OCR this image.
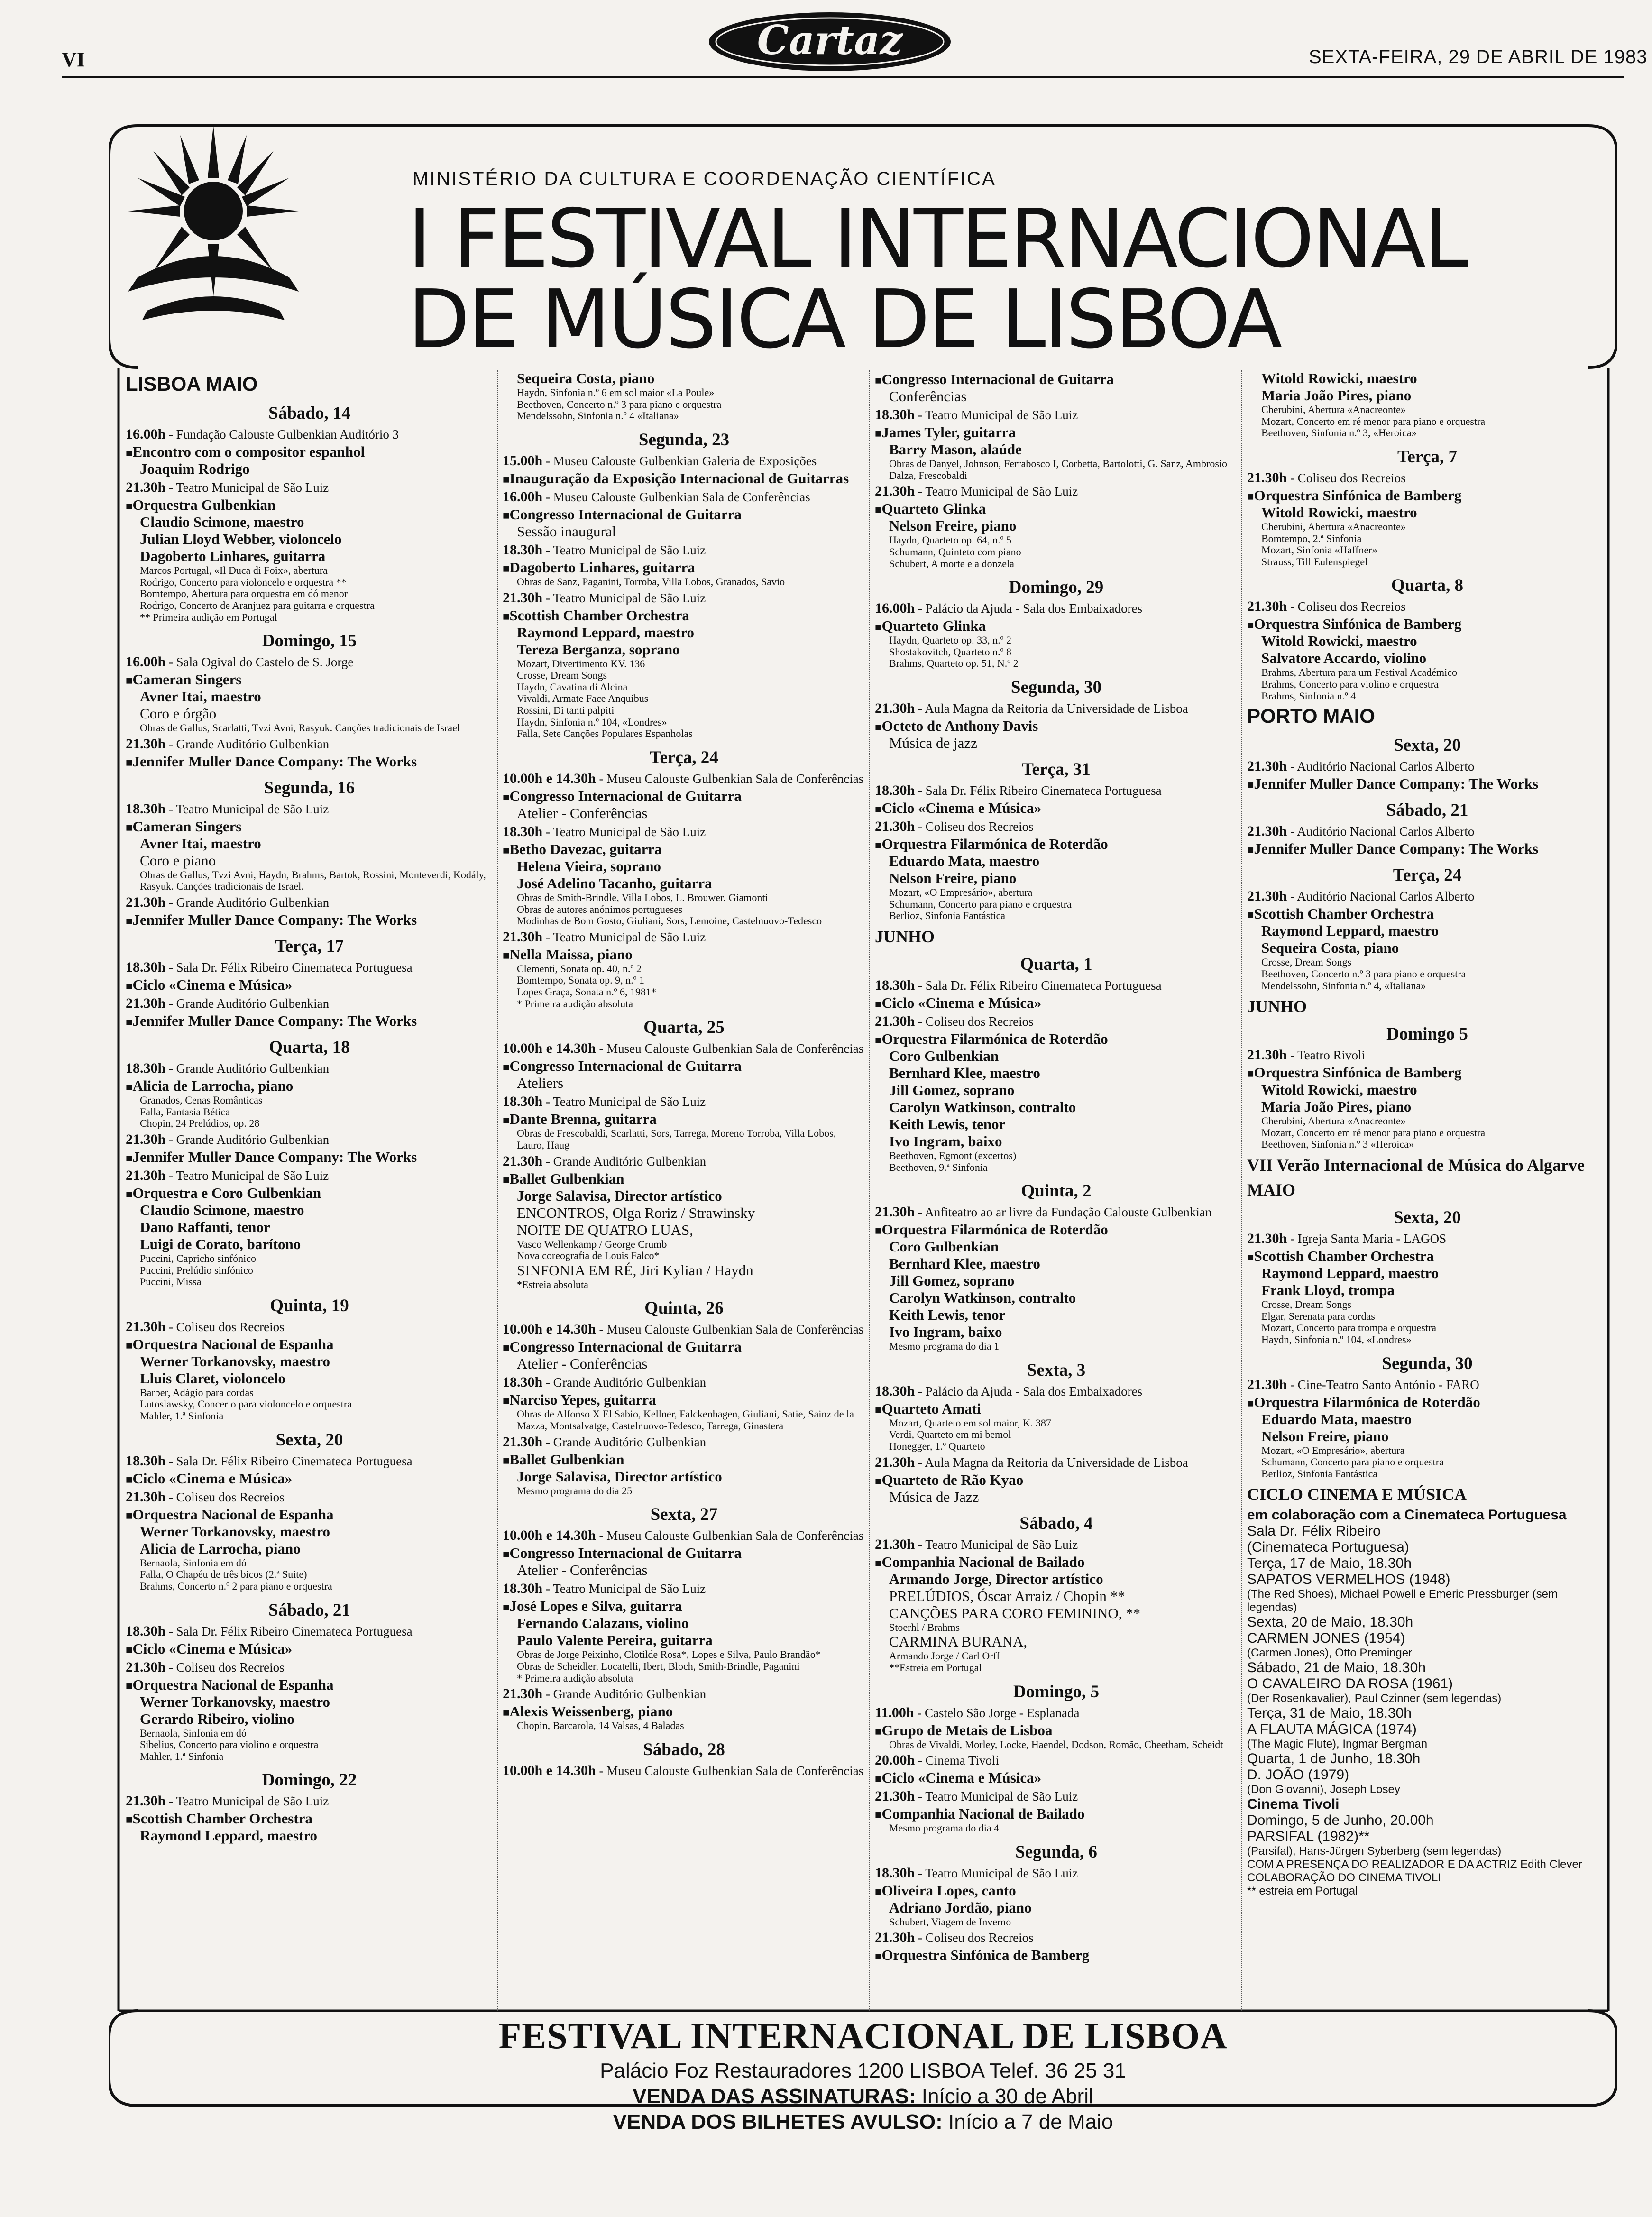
VI	Cartaz	SEXTA-FEIRA, 29 DE ABRIL DE 1983
MINISTÉRIO DA CULTURA E COORDENAÇÃO CIENTÍFICA
I FESTIVAL INTERNACIONAL
DE MÚSICA DE LISBOA

LISBOA MAIO

Sábado, 14

16.00h - Fundação Calouste Gulbenkian Auditório 3

■ Encontro com o compositor espanhol

Joaquim Rodrigo

21.30h - Teatro Municipal de São Luiz

■ Orquestra Gulbenkian

Claudio Scimone, maestro

Julian Lloyd Webber, violoncelo

Dagoberto Linhares, guitarra

Marcos Portugal, «Il Duca di Foix», abertura

Rodrigo, Concerto para violoncelo e orquestra **

Bomtempo, Abertura para orquestra em dó menor

Rodrigo, Concerto de Aranjuez para guitarra e orquestra

** Primeira audição em Portugal

Domingo, 15

16.00h - Sala Ogival do Castelo de S. Jorge

■ Cameran Singers

Avner Itai, maestro

Coro e órgão

Obras de Gallus, Scarlatti, Tvzi Avni, Rasyuk. Canções tradicionais de Israel

21.30h - Grande Auditório Gulbenkian

■ Jennifer Muller Dance Company: The Works

Segunda, 16

18.30h - Teatro Municipal de São Luiz

■ Cameran Singers

Avner Itai, maestro

Coro e piano

Obras de Gallus, Tvzi Avni, Haydn, Brahms, Bartok, Rossini, Monteverdi, Kodály, Rasyuk. Canções tradicionais de Israel.

21.30h - Grande Auditório Gulbenkian

■ Jennifer Muller Dance Company: The Works

Terça, 17

18.30h - Sala Dr. Félix Ribeiro Cinemateca Portuguesa

■ Ciclo «Cinema e Música»

21.30h - Grande Auditório Gulbenkian

■ Jennifer Muller Dance Company: The Works

Quarta, 18

18.30h - Grande Auditório Gulbenkian

■ Alicia de Larrocha, piano

Granados, Cenas Românticas

Falla, Fantasia Bética

Chopin, 24 Prelúdios, op. 28

21.30h - Grande Auditório Gulbenkian

■ Jennifer Muller Dance Company: The Works

21.30h - Teatro Municipal de São Luiz

■ Orquestra e Coro Gulbenkian

Claudio Scimone, maestro

Dano Raffanti, tenor

Luigi de Corato, barítono

Puccini, Capricho sinfónico

Puccini, Prelúdio sinfónico

Puccini, Missa

Quinta, 19

21.30h - Coliseu dos Recreios

■ Orquestra Nacional de Espanha

Werner Torkanovsky, maestro

Lluis Claret, violoncelo

Barber, Adágio para cordas

Lutoslawsky, Concerto para violoncelo e orquestra

Mahler, 1.ª Sinfonia

Sexta, 20

18.30h - Sala Dr. Félix Ribeiro Cinemateca Portuguesa

■ Ciclo «Cinema e Música»

21.30h - Coliseu dos Recreios

■ Orquestra Nacional de Espanha

Werner Torkanovsky, maestro

Alicia de Larrocha, piano

Bernaola, Sinfonia em dó

Falla, O Chapéu de três bicos (2.ª Suite)

Brahms, Concerto n.º 2 para piano e orquestra

Sábado, 21

18.30h - Sala Dr. Félix Ribeiro Cinemateca Portuguesa

■ Ciclo «Cinema e Música»

21.30h - Coliseu dos Recreios

■ Orquestra Nacional de Espanha

Werner Torkanovsky, maestro

Gerardo Ribeiro, violino

Bernaola, Sinfonia em dó

Sibelius, Concerto para violino e orquestra

Mahler, 1.ª Sinfonia

Domingo, 22

21.30h - Teatro Municipal de São Luiz

■ Scottish Chamber Orchestra

Raymond Leppard, maestro

Sequeira Costa, piano

Haydn, Sinfonia n.º 6 em sol maior «La Poule»

Beethoven, Concerto n.º 3 para piano e orquestra

Mendelssohn, Sinfonia n.º 4 «Italiana»

Segunda, 23

15.00h - Museu Calouste Gulbenkian Galeria de Exposições

■ Inauguração da Exposição Internacional de Guitarras

16.00h - Museu Calouste Gulbenkian Sala de Conferências

■ Congresso Internacional de Guitarra

Sessão inaugural

18.30h - Teatro Municipal de São Luiz

■ Dagoberto Linhares, guitarra

Obras de Sanz, Paganini, Torroba, Villa Lobos, Granados, Savio

21.30h - Teatro Municipal de São Luiz

■ Scottish Chamber Orchestra

Raymond Leppard, maestro

Tereza Berganza, soprano

Mozart, Divertimento KV. 136

Crosse, Dream Songs

Haydn, Cavatina di Alcina

Vivaldi, Armate Face Anquibus

Rossini, Di tanti palpiti

Haydn, Sinfonia n.º 104, «Londres»

Falla, Sete Canções Populares Espanholas

Terça, 24

10.00h e 14.30h - Museu Calouste Gulbenkian Sala de Conferências

■ Congresso Internacional de Guitarra

Atelier - Conferências

18.30h - Teatro Municipal de São Luiz

■ Betho Davezac, guitarra

Helena Vieira, soprano

José Adelino Tacanho, guitarra

Obras de Smith-Brindle, Villa Lobos, L. Brouwer, Giamonti

Obras de autores anónimos portugueses

Modinhas de Bom Gosto, Giuliani, Sors, Lemoine, Castelnuovo-Tedesco

21.30h - Teatro Municipal de São Luiz

■ Nella Maissa, piano

Clementi, Sonata op. 40, n.º 2

Bomtempo, Sonata op. 9, n.º 1

Lopes Graça, Sonata n.º 6, 1981*

* Primeira audição absoluta

Quarta, 25

10.00h e 14.30h - Museu Calouste Gulbenkian Sala de Conferências

■ Congresso Internacional de Guitarra

Ateliers

18.30h - Teatro Municipal de São Luiz

■ Dante Brenna, guitarra

Obras de Frescobaldi, Scarlatti, Sors, Tarrega, Moreno Torroba, Villa Lobos, Lauro, Haug

21.30h - Grande Auditório Gulbenkian

■ Ballet Gulbenkian

Jorge Salavisa, Director artístico

ENCONTROS, Olga Roriz / Strawinsky

NOITE DE QUATRO LUAS,

Vasco Wellenkamp / George Crumb

Nova coreografia de Louis Falco*

SINFONIA EM RÉ, Jiri Kylian / Haydn

*Estreia absoluta

Quinta, 26

10.00h e 14.30h - Museu Calouste Gulbenkian Sala de Conferências

■ Congresso Internacional de Guitarra

Atelier - Conferências

18.30h - Grande Auditório Gulbenkian

■ Narciso Yepes, guitarra

Obras de Alfonso X El Sabio, Kellner, Falckenhagen, Giuliani, Satie, Sainz de la Mazza, Montsalvatge, Castelnuovo-Tedesco, Tarrega, Ginastera

21.30h - Grande Auditório Gulbenkian

■ Ballet Gulbenkian

Jorge Salavisa, Director artístico

Mesmo programa do dia 25

Sexta, 27

10.00h e 14.30h - Museu Calouste Gulbenkian Sala de Conferências

■ Congresso Internacional de Guitarra

Atelier - Conferências

18.30h - Teatro Municipal de São Luiz

■ José Lopes e Silva, guitarra

Fernando Calazans, violino

Paulo Valente Pereira, guitarra

Obras de Jorge Peixinho, Clotilde Rosa*, Lopes e Silva, Paulo Brandão*

Obras de Scheidler, Locatelli, Ibert, Bloch, Smith-Brindle, Paganini

* Primeira audição absoluta

21.30h - Grande Auditório Gulbenkian

■ Alexis Weissenberg, piano

Chopin, Barcarola, 14 Valsas, 4 Baladas

Sábado, 28

10.00h e 14.30h - Museu Calouste Gulbenkian Sala de Conferências

■ Congresso Internacional de Guitarra

Conferências

18.30h - Teatro Municipal de São Luiz

■ James Tyler, guitarra

Barry Mason, alaúde

Obras de Danyel, Johnson, Ferrabosco I, Corbetta, Bartolotti, G. Sanz, Ambrosio Dalza, Frescobaldi

21.30h - Teatro Municipal de São Luiz

■ Quarteto Glinka

Nelson Freire, piano

Haydn, Quarteto op. 64, n.º 5

Schumann, Quinteto com piano

Schubert, A morte e a donzela

Domingo, 29

16.00h - Palácio da Ajuda - Sala dos Embaixadores

■ Quarteto Glinka

Haydn, Quarteto op. 33, n.º 2

Shostakovitch, Quarteto n.º 8

Brahms, Quarteto op. 51, N.º 2

Segunda, 30

21.30h - Aula Magna da Reitoria da Universidade de Lisboa

■ Octeto de Anthony Davis

Música de jazz

Terça, 31

18.30h - Sala Dr. Félix Ribeiro Cinemateca Portuguesa

■ Ciclo «Cinema e Música»

21.30h - Coliseu dos Recreios

■ Orquestra Filarmónica de Roterdão

Eduardo Mata, maestro

Nelson Freire, piano

Mozart, «O Empresário», abertura

Schumann, Concerto para piano e orquestra

Berlioz, Sinfonia Fantástica

JUNHO

Quarta, 1

18.30h - Sala Dr. Félix Ribeiro Cinemateca Portuguesa

■ Ciclo «Cinema e Música»

21.30h - Coliseu dos Recreios

■ Orquestra Filarmónica de Roterdão

Coro Gulbenkian

Bernhard Klee, maestro

Jill Gomez, soprano

Carolyn Watkinson, contralto

Keith Lewis, tenor

Ivo Ingram, baixo

Beethoven, Egmont (excertos)

Beethoven, 9.ª Sinfonia

Quinta, 2

21.30h - Anfiteatro ao ar livre da Fundação Calouste Gulbenkian

■ Orquestra Filarmónica de Roterdão

Coro Gulbenkian

Bernhard Klee, maestro

Jill Gomez, soprano

Carolyn Watkinson, contralto

Keith Lewis, tenor

Ivo Ingram, baixo

Mesmo programa do dia 1

Sexta, 3

18.30h - Palácio da Ajuda - Sala dos Embaixadores

■ Quarteto Amati

Mozart, Quarteto em sol maior, K. 387

Verdi, Quarteto em mi bemol

Honegger, 1.º Quarteto

21.30h - Aula Magna da Reitoria da Universidade de Lisboa

■ Quarteto de Rão Kyao

Música de Jazz

Sábado, 4

21.30h - Teatro Municipal de São Luiz

■ Companhia Nacional de Bailado

Armando Jorge, Director artístico

PRELÚDIOS, Óscar Arraiz / Chopin **

CANÇÕES PARA CORO FEMININO, **

Stoerhl / Brahms

CARMINA BURANA,

Armando Jorge / Carl Orff

**Estreia em Portugal

Domingo, 5

11.00h - Castelo São Jorge - Esplanada

■ Grupo de Metais de Lisboa

Obras de Vivaldi, Morley, Locke, Haendel, Dodson, Romão, Cheetham, Scheidt

20.00h - Cinema Tivoli

■ Ciclo «Cinema e Música»

21.30h - Teatro Municipal de São Luiz

■ Companhia Nacional de Bailado

Mesmo programa do dia 4

Segunda, 6

18.30h - Teatro Municipal de São Luiz

■ Oliveira Lopes, canto

Adriano Jordão, piano

Schubert, Viagem de Inverno

21.30h - Coliseu dos Recreios

■ Orquestra Sinfónica de Bamberg

Witold Rowicki, maestro

Maria João Pires, piano

Cherubini, Abertura «Anacreonte»

Mozart, Concerto em ré menor para piano e orquestra

Beethoven, Sinfonia n.º 3, «Heroica»

Terça, 7

21.30h - Coliseu dos Recreios

■ Orquestra Sinfónica de Bamberg

Witold Rowicki, maestro

Cherubini, Abertura «Anacreonte»

Bomtempo, 2.ª Sinfonia

Mozart, Sinfonia «Haffner»

Strauss, Till Eulenspiegel

Quarta, 8

21.30h - Coliseu dos Recreios

■ Orquestra Sinfónica de Bamberg

Witold Rowicki, maestro

Salvatore Accardo, violino

Brahms, Abertura para um Festival Académico

Brahms, Concerto para violino e orquestra

Brahms, Sinfonia n.º 4

PORTO MAIO

Sexta, 20

21.30h - Auditório Nacional Carlos Alberto

■ Jennifer Muller Dance Company: The Works

Sábado, 21

21.30h - Auditório Nacional Carlos Alberto

■ Jennifer Muller Dance Company: The Works

Terça, 24

21.30h - Auditório Nacional Carlos Alberto

■ Scottish Chamber Orchestra

Raymond Leppard, maestro

Sequeira Costa, piano

Crosse, Dream Songs

Beethoven, Concerto n.º 3 para piano e orquestra

Mendelssohn, Sinfonia n.º 4, «Italiana»

JUNHO

Domingo 5

21.30h - Teatro Rivoli

■ Orquestra Sinfónica de Bamberg

Witold Rowicki, maestro

Maria João Pires, piano

Cherubini, Abertura «Anacreonte»

Mozart, Concerto em ré menor para piano e orquestra

Beethoven, Sinfonia n.º 3 «Heroica»

VII Verão Internacional de Música do Algarve

MAIO

Sexta, 20

21.30h - Igreja Santa Maria - LAGOS

■ Scottish Chamber Orchestra

Raymond Leppard, maestro

Frank Lloyd, trompa

Crosse, Dream Songs

Elgar, Serenata para cordas

Mozart, Concerto para trompa e orquestra

Haydn, Sinfonia n.º 104, «Londres»

Segunda, 30

21.30h - Cine-Teatro Santo António - FARO

■ Orquestra Filarmónica de Roterdão

Eduardo Mata, maestro

Nelson Freire, piano

Mozart, «O Empresário», abertura

Schumann, Concerto para piano e orquestra

Berlioz, Sinfonia Fantástica

CICLO CINEMA E MÚSICA

em colaboração com a Cinemateca Portuguesa

Sala Dr. Félix Ribeiro

(Cinemateca Portuguesa)

Terça, 17 de Maio, 18.30h

SAPATOS VERMELHOS (1948)

(The Red Shoes), Michael Powell e Emeric Pressburger (sem legendas)

Sexta, 20 de Maio, 18.30h

CARMEN JONES (1954)

(Carmen Jones), Otto Preminger

Sábado, 21 de Maio, 18.30h

O CAVALEIRO DA ROSA (1961)

(Der Rosenkavalier), Paul Czinner (sem legendas)

Terça, 31 de Maio, 18.30h

A FLAUTA MÁGICA (1974)

(The Magic Flute), Ingmar Bergman

Quarta, 1 de Junho, 18.30h

D. JOÃO (1979)

(Don Giovanni), Joseph Losey

Cinema Tivoli

Domingo, 5 de Junho, 20.00h

PARSIFAL (1982)**

(Parsifal), Hans-Jürgen Syberberg (sem legendas)

COM A PRESENÇA DO REALIZADOR E DA ACTRIZ Edith Clever

COLABORAÇÃO DO CINEMA TIVOLI

** estreia em Portugal

FESTIVAL INTERNACIONAL DE LISBOA

Palácio Foz Restauradores 1200 LISBOA Telef. 36 25 31

VENDA DAS ASSINATURAS: Início a 30 de Abril

VENDA DOS BILHETES AVULSO: Início a 7 de Maio
